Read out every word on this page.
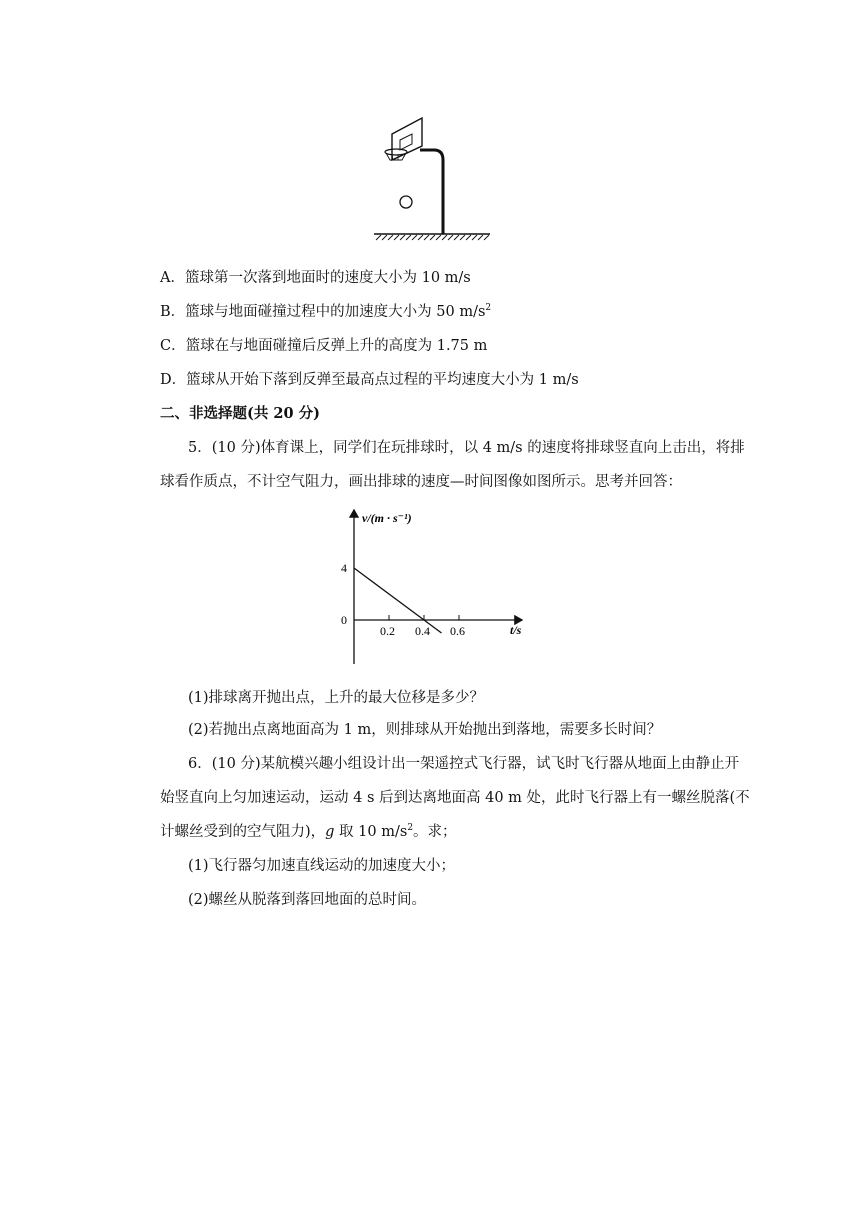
A．篮球第一次落到地面时的速度大小为 10 m/s
B．篮球与地面碰撞过程中的加速度大小为 50 $m/s^2$
C．篮球在与地面碰撞后反弹上升的高度为 1.75 m
D．篮球从开始下落到反弹至最高点过程的平均速度大小为 1 m/s
二、非选择题(共 20 分)
5．(10 分)体育课上，同学们在玩排球时，以 4 m/s 的速度将排球竖直向上击出，将排
球看作质点，不计空气阻力，画出排球的速度—时间图像如图所示。思考并回答：
v/(m · s⁻¹)
t/s
0
0.2 0.4 0.6
4
(1)排球离开抛出点，上升的最大位移是多少？
(2)若抛出点离地面高为 1 m，则排球从开始抛出到落地，需要多长时间？
6．(10 分)某航模兴趣小组设计出一架遥控式飞行器，试飞时飞行器从地面上由静止开
始竖直向上匀加速运动，运动 4 s 后到达离地面高 40 m 处，此时飞行器上有一螺丝脱落(不
计螺丝受到的空气阻力)，g 取 10 $m/s^2$。求；
(1)飞行器匀加速直线运动的加速度大小；
(2)螺丝从脱落到落回地面的总时间。
